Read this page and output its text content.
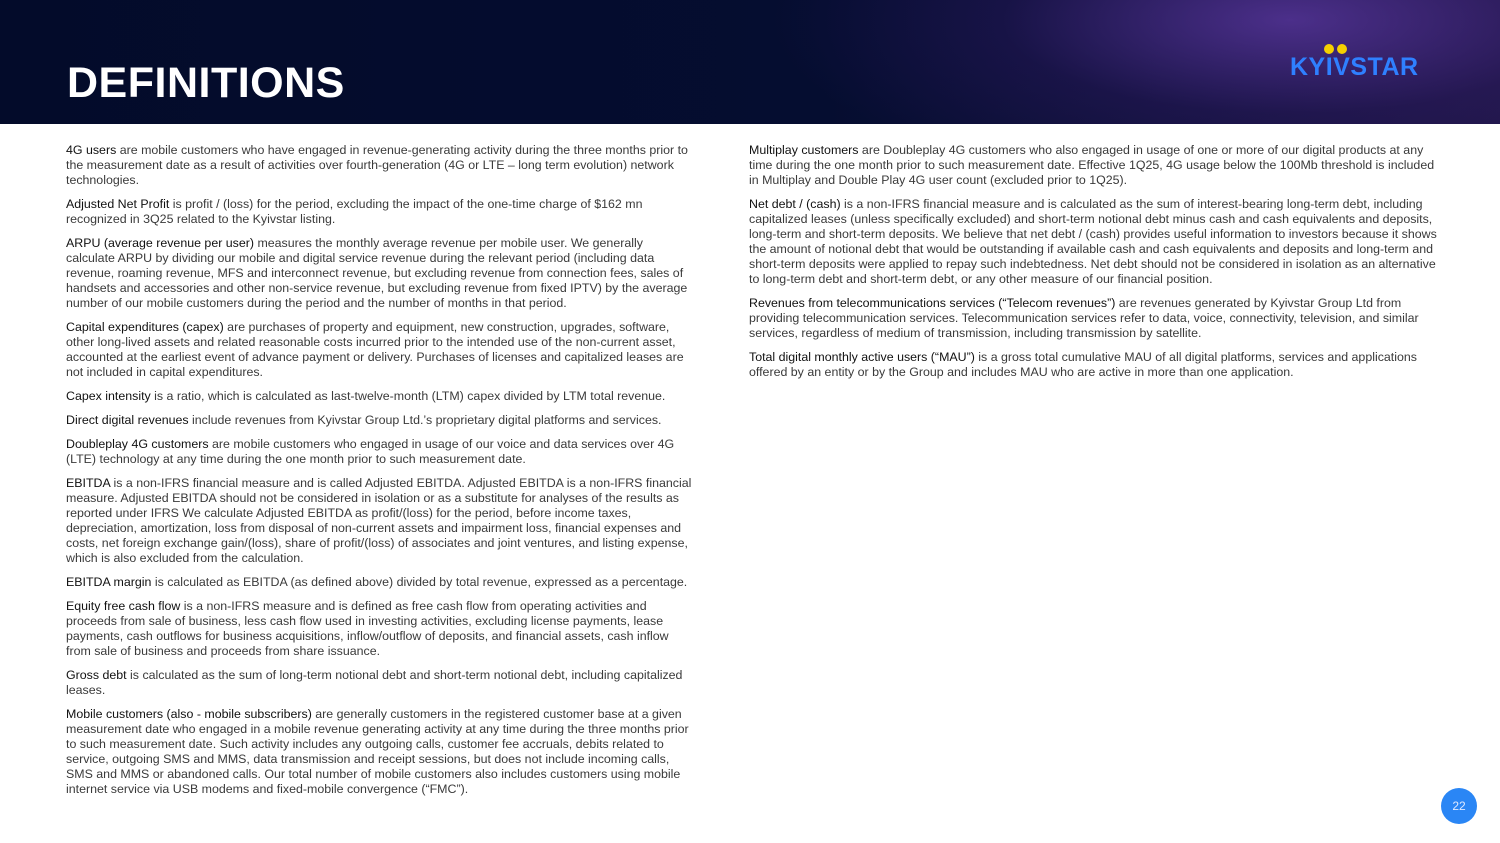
DEFINITIONS	KYIVSTAR

4G users are mobile customers who have engaged in revenue-generating activity during the three months prior to the measurement date as a result of activities over fourth-generation (4G or LTE – long term evolution) network technologies.

Adjusted Net Profit is profit / (loss) for the period, excluding the impact of the one-time charge of $162 mn recognized in 3Q25 related to the Kyivstar listing.

ARPU (average revenue per user) measures the monthly average revenue per mobile user. We generally calculate ARPU by dividing our mobile and digital service revenue during the relevant period (including data revenue, roaming revenue, MFS and interconnect revenue, but excluding revenue from connection fees, sales of handsets and accessories and other non-service revenue, but excluding revenue from fixed IPTV) by the average number of our mobile customers during the period and the number of months in that period.

Capital expenditures (capex) are purchases of property and equipment, new construction, upgrades, software, other long-lived assets and related reasonable costs incurred prior to the intended use of the non-current asset, accounted at the earliest event of advance payment or delivery. Purchases of licenses and capitalized leases are not included in capital expenditures.

Capex intensity is a ratio, which is calculated as last-twelve-month (LTM) capex divided by LTM total revenue.

Direct digital revenues include revenues from Kyivstar Group Ltd.’s proprietary digital platforms and services.

Doubleplay 4G customers are mobile customers who engaged in usage of our voice and data services over 4G (LTE) technology at any time during the one month prior to such measurement date.

EBITDA is a non-IFRS financial measure and is called Adjusted EBITDA. Adjusted EBITDA is a non-IFRS financial measure. Adjusted EBITDA should not be considered in isolation or as a substitute for analyses of the results as reported under IFRS We calculate Adjusted EBITDA as profit/(loss) for the period, before income taxes, depreciation, amortization, loss from disposal of non-current assets and impairment loss, financial expenses and costs, net foreign exchange gain/(loss), share of profit/(loss) of associates and joint ventures, and listing expense, which is also excluded from the calculation.

EBITDA margin is calculated as EBITDA (as defined above) divided by total revenue, expressed as a percentage.

Equity free cash flow is a non-IFRS measure and is defined as free cash flow from operating activities and proceeds from sale of business, less cash flow used in investing activities, excluding license payments, lease payments, cash outflows for business acquisitions, inflow/outflow of deposits, and financial assets, cash inflow from sale of business and proceeds from share issuance.

Gross debt is calculated as the sum of long-term notional debt and short-term notional debt, including capitalized leases.

Mobile customers (also - mobile subscribers) are generally customers in the registered customer base at a given measurement date who engaged in a mobile revenue generating activity at any time during the three months prior to such measurement date. Such activity includes any outgoing calls, customer fee accruals, debits related to service, outgoing SMS and MMS, data transmission and receipt sessions, but does not include incoming calls, SMS and MMS or abandoned calls. Our total number of mobile customers also includes customers using mobile internet service via USB modems and fixed-mobile convergence (“FMC”).

Multiplay customers are Doubleplay 4G customers who also engaged in usage of one or more of our digital products at any time during the one month prior to such measurement date. Effective 1Q25, 4G usage below the 100Mb threshold is included in Multiplay and Double Play 4G user count (excluded prior to 1Q25).

Net debt / (cash) is a non-IFRS financial measure and is calculated as the sum of interest-bearing long-term debt, including capitalized leases (unless specifically excluded) and short-term notional debt minus cash and cash equivalents and deposits, long-term and short-term deposits. We believe that net debt / (cash) provides useful information to investors because it shows the amount of notional debt that would be outstanding if available cash and cash equivalents and deposits and long-term and short-term deposits were applied to repay such indebtedness. Net debt should not be considered in isolation as an alternative to long-term debt and short-term debt, or any other measure of our financial position.

Revenues from telecommunications services (“Telecom revenues”) are revenues generated by Kyivstar Group Ltd from providing telecommunication services. Telecommunication services refer to data, voice, connectivity, television, and similar services, regardless of medium of transmission, including transmission by satellite.

Total digital monthly active users (“MAU”) is a gross total cumulative MAU of all digital platforms, services and applications offered by an entity or by the Group and includes MAU who are active in more than one application.

22
